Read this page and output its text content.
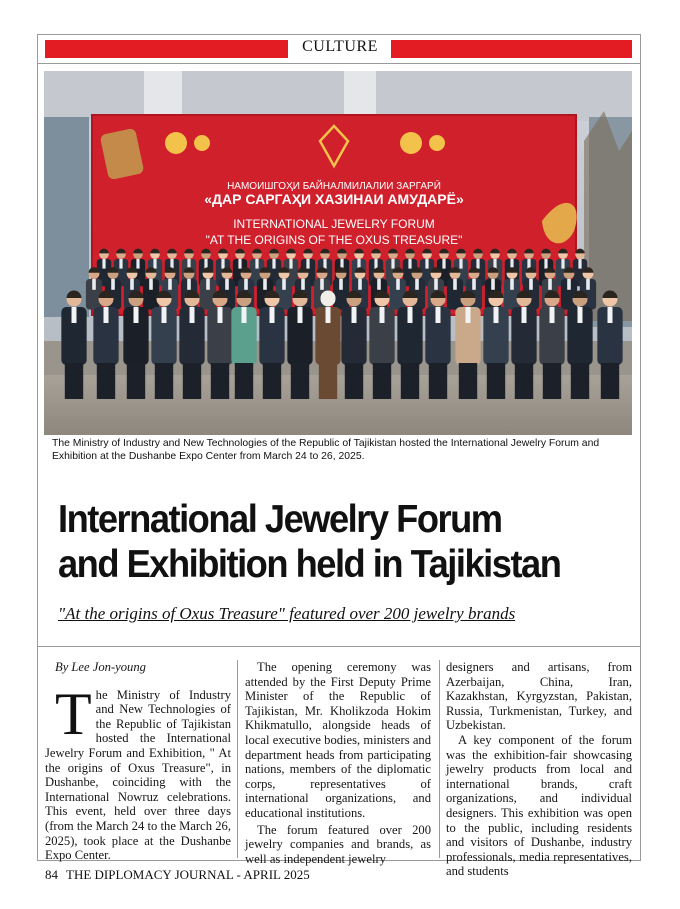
CULTURE
НАМОИШГОҲИ БАЙНАЛМИЛАЛИИ ЗАРГАРӢ
«ДАР САРГАҲИ ХАЗИНАИ АМУДАРЁ»
INTERNATIONAL JEWELRY FORUM
"AT THE ORIGINS OF THE OXUS TREASURE"
The Ministry of Industry and New Technologies of the Republic of Tajikistan hosted the International Jewelry Forum and Exhibition at the Dushanbe Expo Center from March 24 to 26, 2025.
International Jewelry Forum
and Exhibition held in Tajikistan
"At the origins of Oxus Treasure" featured over 200 jewelry brands

By Lee Jon-young

T he Ministry of Industry and New Technologies of the Republic of Tajikistan hosted the International Jewelry Forum and Exhibition, " At the origins of Oxus Treasure", in Dushanbe, coinciding with the International Nowruz celebrations. This event, held over three days (from the March 24 to the March 26, 2025), took place at the Dushanbe Expo Center.

The opening ceremony was attended by the First Deputy Prime Minister of the Republic of Tajikistan, Mr. Kholikzoda Hokim Khikmatullo, alongside heads of local executive bodies, ministers and department heads from participating nations, members of the diplomatic corps, representatives of international organizations, and educational institutions.

The forum featured over 200 jewelry companies and brands, as well as independent jewelry

designers and artisans, from Azerbaijan, China, Iran, Kazakhstan, Kyrgyzstan, Pakistan, Russia, Turkmenistan, Turkey, and Uzbekistan.

A key component of the forum was the exhibition-fair showcasing jewelry products from local and international brands, craft organizations, and individual designers. This exhibition was open to the public, including residents and visitors of Dushanbe, industry professionals, media representatives, and students

84 THE DIPLOMACY JOURNAL - APRIL 2025
